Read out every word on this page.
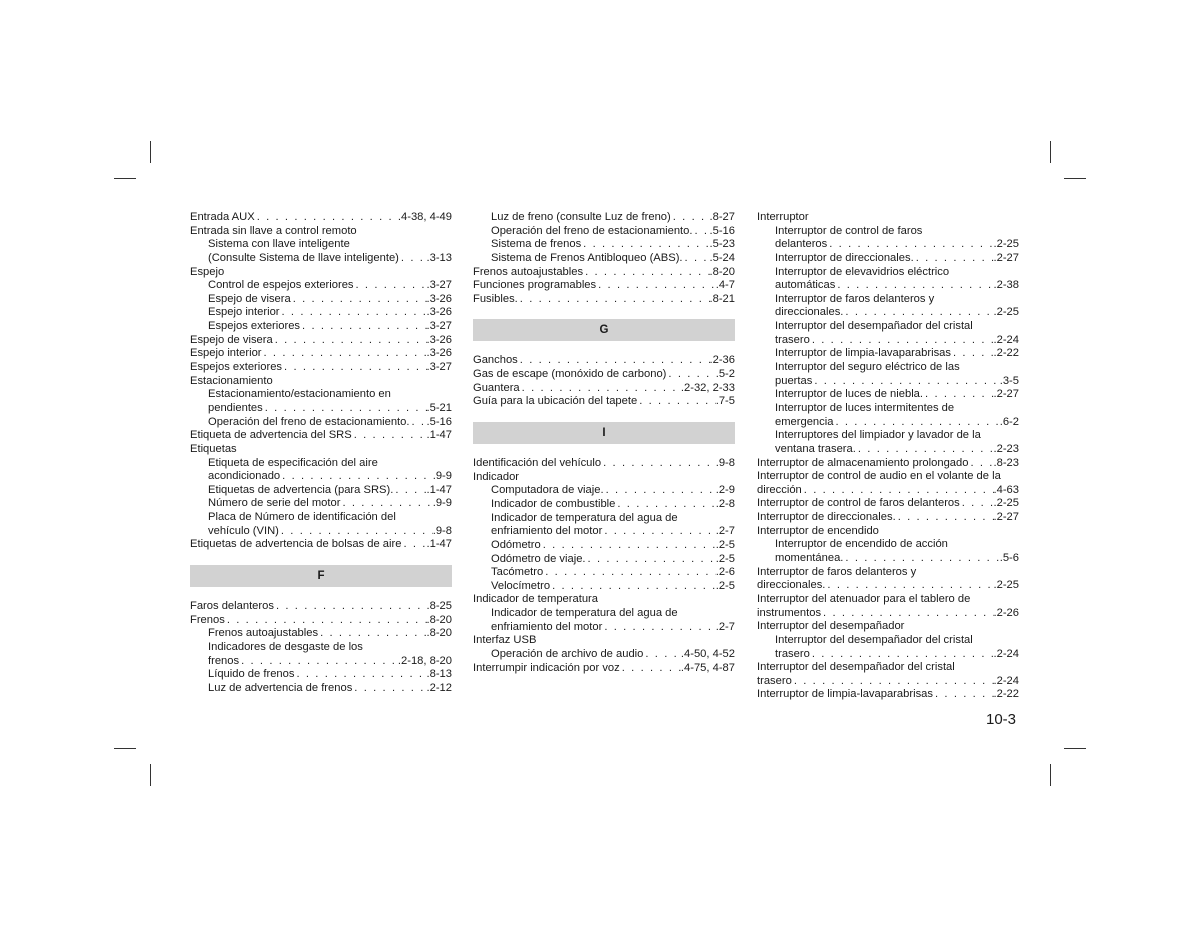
Entrada AUX . . .	.4-38, 4-49
Entrada sin llave a control remoto
Sistema con llave inteligente
(Consulte Sistema de llave inteligente) . . . .3-13
Espejo
Control de espejos exteriores . . .	.3-27
Espejo de visera . . .	.3-26
Espejo interior . . .	.3-26
Espejos exteriores . . .	.3-27
Espejo de visera . . .	.3-26
Espejo interior . . .	.3-26
Espejos exteriores . . .	.3-27
Estacionamiento
Estacionamiento/estacionamiento en
pendientes . . .	.5-21
Operación del freno de estacionamiento. . . . .5-16
Etiqueta de advertencia del SRS . . .	.1-47
Etiquetas
Etiqueta de especificación del aire
acondicionado . . .	.9-9
Etiquetas de advertencia (para SRS). . . .	.1-47
Número de serie del motor . . .	.9-9
Placa de Número de identificación del
vehículo (VIN) . . .	.9-8
Etiquetas de advertencia de bolsas de aire . . . .1-47
F
Faros delanteros . . .	.8-25
Frenos . . .	.8-20
Frenos autoajustables . . .	.8-20
Indicadores de desgaste de los
frenos . . .	.2-18, 8-20
Líquido de frenos . . .	.8-13
Luz de advertencia de frenos . . .	.2-12
Luz de freno (consulte Luz de freno) . . .	.8-27
Operación del freno de estacionamiento. . . . .5-16
Sistema de frenos . . .	.5-23
Sistema de Frenos Antibloqueo (ABS). . . . .5-24
Frenos autoajustables . . .	.8-20
Funciones programables . . .	.4-7
Fusibles. . . .	.8-21
G
Ganchos . . .	.2-36
Gas de escape (monóxido de carbono) . . .	.5-2
Guantera . . .	.2-32, 2-33
Guía para la ubicación del tapete . . .	.7-5
I
Identificación del vehículo . . .	.9-8
Indicador
Computadora de viaje. . . .	.2-9
Indicador de combustible . . .	.2-8
Indicador de temperatura del agua de
enfriamiento del motor . . .	.2-7
Odómetro . . .	.2-5
Odómetro de viaje. . . .	.2-5
Tacómetro . . .	.2-6
Velocímetro . . .	.2-5
Indicador de temperatura
Indicador de temperatura del agua de
enfriamiento del motor . . .	.2-7
Interfaz USB
Operación de archivo de audio . . .	.4-50, 4-52
Interrumpir indicación por voz . . .	.4-75, 4-87
Interruptor
Interruptor de control de faros
delanteros . . .	.2-25
Interruptor de direccionales. . . .	.2-27
Interruptor de elevavidrios eléctrico
automáticas . . .	.2-38
Interruptor de faros delanteros y
direccionales. . . .	.2-25
Interruptor del desempañador del cristal
trasero . . .	.2-24
Interruptor de limpia-lavaparabrisas . . .	.2-22
Interruptor del seguro eléctrico de las
puertas . . .	.3-5
Interruptor de luces de niebla. . . .	.2-27
Interruptor de luces intermitentes de
emergencia . . .	.6-2
Interruptores del limpiador y lavador de la
ventana trasera. . . .	.2-23
Interruptor de almacenamiento prolongado . . . .8-23
Interruptor de control de audio en el volante de la
dirección . . .	.4-63
Interruptor de control de faros delanteros . . .	.2-25
Interruptor de direccionales. . . .	.2-27
Interruptor de encendido
Interruptor de encendido de acción
momentánea. . . .	.5-6
Interruptor de faros delanteros y
direccionales. . . .	.2-25
Interruptor del atenuador para el tablero de
instrumentos . . .	.2-26
Interruptor del desempañador
Interruptor del desempañador del cristal
trasero . . .	.2-24
Interruptor del desempañador del cristal
trasero . . .	.2-24
Interruptor de limpia-lavaparabrisas . . .	.2-22
10-3
